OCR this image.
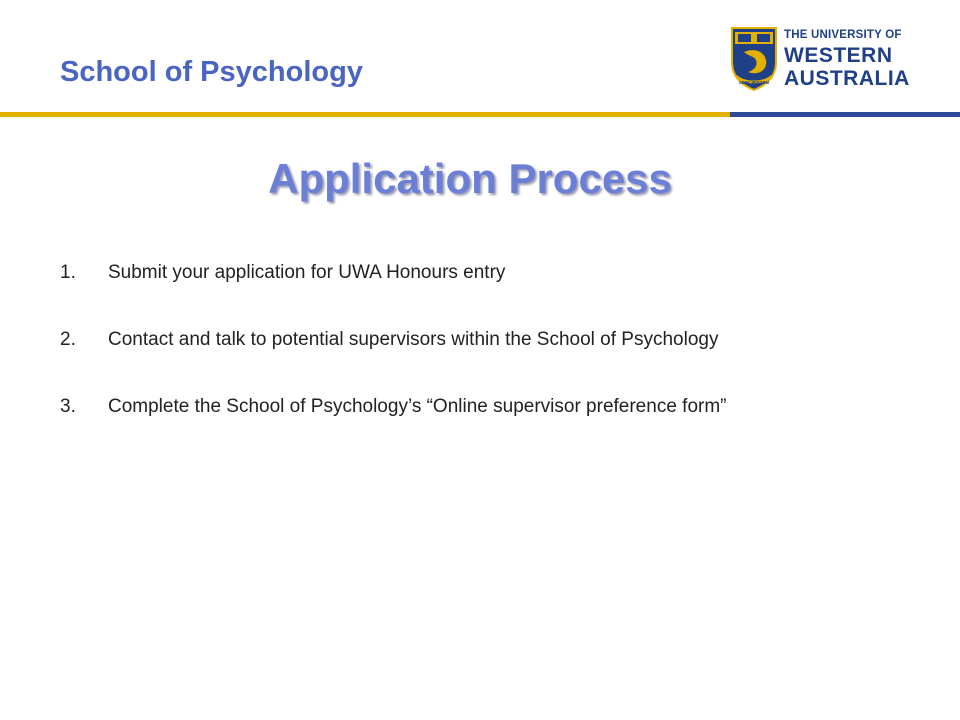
School of Psychology	SEEK WISDOM
THE UNIVERSITY OF
WESTERN
AUSTRALIA
Application Process
1. Submit your application for UWA Honours entry
2. Contact and talk to potential supervisors within the School of Psychology
3. Complete the School of Psychology’s “Online supervisor preference form”
